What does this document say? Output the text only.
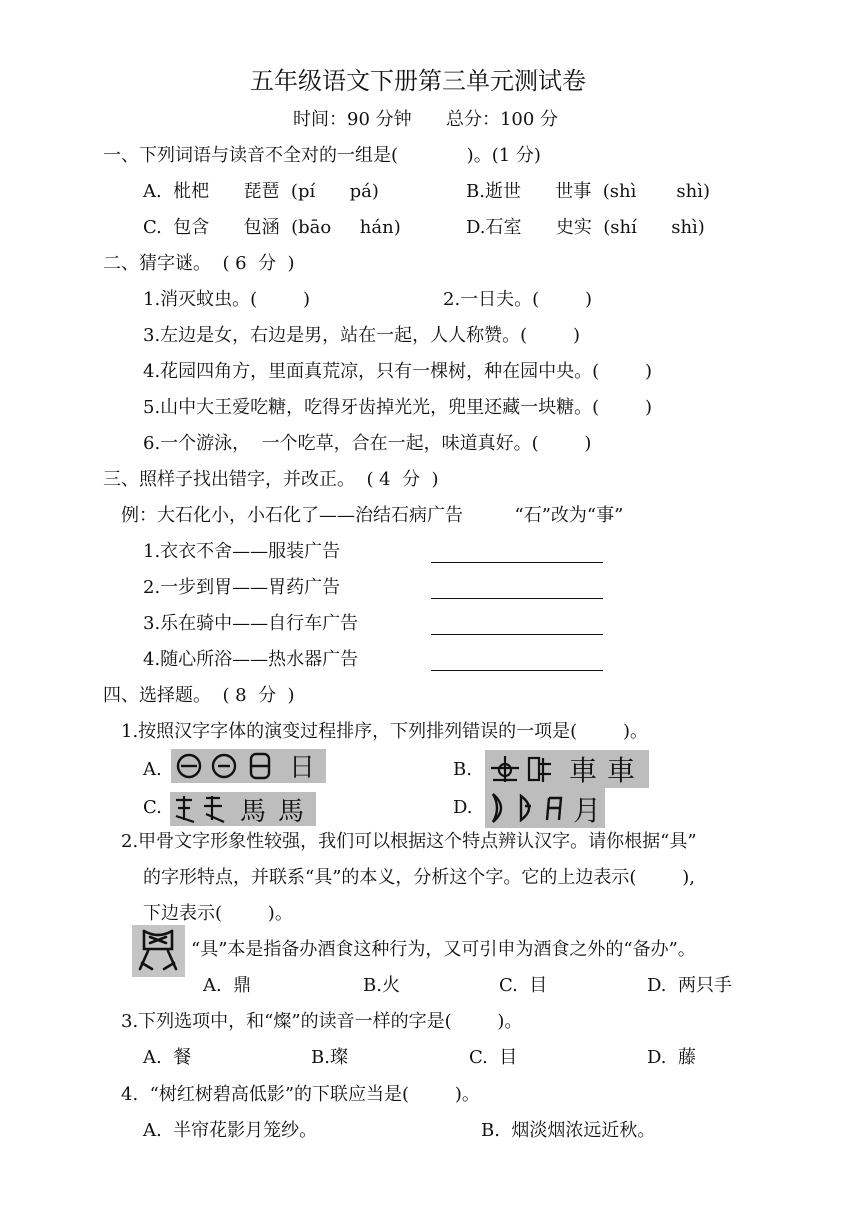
五年级语文下册第三单元测试卷
时间：90 分钟      总分：100 分
一、下列词语与读音不全对的一组是(            )。(1 分)
A.  枇杷      琵琶  (pí      pá)	B.逝世      世事  (shì       shì)
C.  包含      包涵  (bāo     hán)	D.石室      史实  (shí      shì)
二、猜字谜。  ( 6  分  )
1.消灭蚊虫。(        )	2.一日夫。(        )
3.左边是女，右边是男，站在一起，人人称赞。(        )
4.花园四角方，里面真荒凉，只有一棵树，种在园中央。(        )
5.山中大王爱吃糖，吃得牙齿掉光光，兜里还藏一块糖。(        )
6.一个游泳，  一个吃草，合在一起，味道真好。(        )
三、照样子找出错字，并改正。  ( 4  分  )
例：大石化小，小石化了——治结石病广告         “石”改为“事”
1.衣衣不舍——服装广告
2.一步到胃——胃药广告
3.乐在骑中——自行车广告
4.随心所浴——热水器广告
四、选择题。  ( 8  分  )
1.按照汉字字体的演变过程排序，下列排列错误的一项是(        )。
A.	日	B.	車 車
C.	馬 馬	D.	月
2.甲骨文字形象性较强，我们可以根据这个特点辨认汉字。请你根据“具”
的字形特点，并联系“具”的本义，分析这个字。它的上边表示(        ),
下边表示(        )。
“具”本是指备办酒食这种行为，又可引申为酒食之外的“备办”。
A.  鼎	B.火	C.  目	D.  两只手
3.下列选项中，和“燦”的读音一样的字是(        )。
A.  餐	B.璨	C.  目	D.  藤
4.  “树红树碧高低影”的下联应当是(        )。
A.  半帘花影月笼纱。	B.  烟淡烟浓远近秋。
